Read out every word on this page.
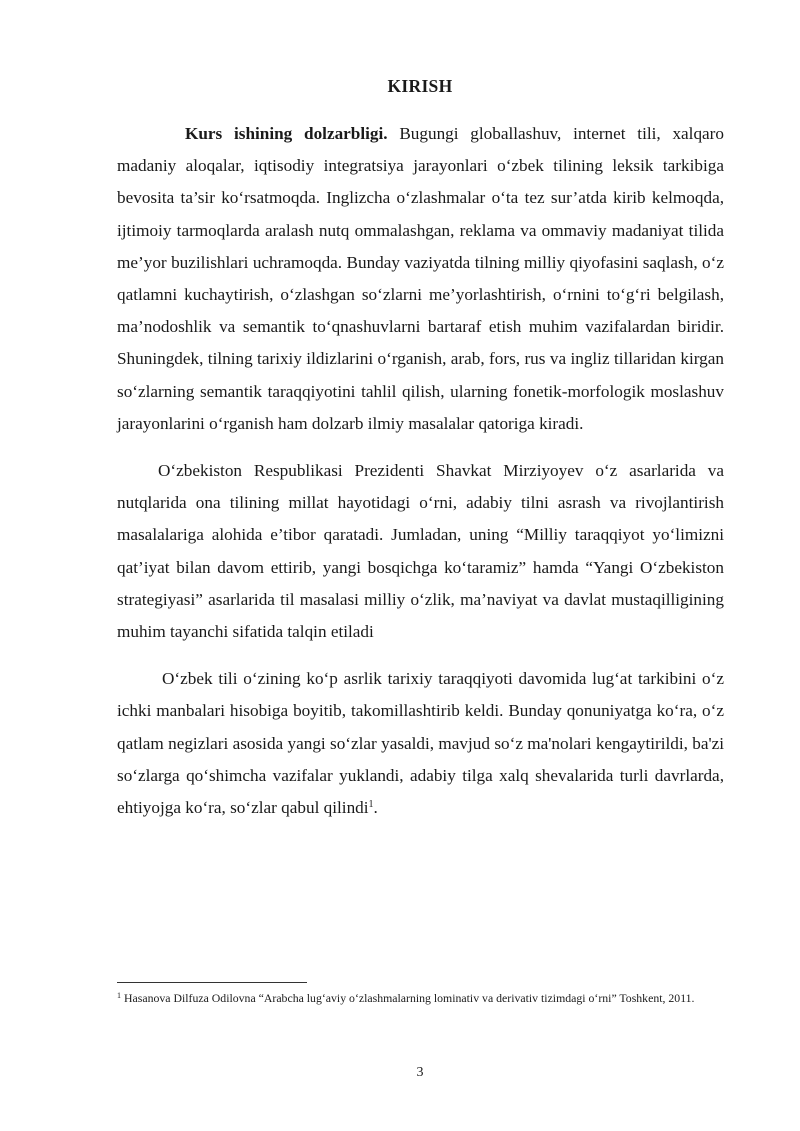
KIRISH

Kurs ishining dolzarbligi. Bugungi globallashuv, internet tili, xalqaro madaniy aloqalar, iqtisodiy integratsiya jarayonlari o‘zbek tilining leksik tarkibiga bevosita ta’sir ko‘rsatmoqda. Inglizcha o‘zlashmalar o‘ta tez sur’atda kirib kelmoqda, ijtimoiy tarmoqlarda aralash nutq ommalashgan, reklama va ommaviy madaniyat tilida me’yor buzilishlari uchramoqda. Bunday vaziyatda tilning milliy qiyofasini saqlash, o‘z qatlamni kuchaytirish, o‘zlashgan so‘zlarni me’yorlashtirish, o‘rnini to‘g‘ri belgilash, ma’nodoshlik va semantik to‘qnashuvlarni bartaraf etish muhim vazifalardan biridir. Shuningdek, tilning tarixiy ildizlarini o‘rganish, arab, fors, rus va ingliz tillaridan kirgan so‘zlarning semantik taraqqiyotini tahlil qilish, ularning fonetik-morfologik moslashuv jarayonlarini o‘rganish ham dolzarb ilmiy masalalar qatoriga kiradi.

O‘zbekiston Respublikasi Prezidenti Shavkat Mirziyoyev o‘z asarlarida va nutqlarida ona tilining millat hayotidagi o‘rni, adabiy tilni asrash va rivojlantirish masalalariga alohida e’tibor qaratadi. Jumladan, uning “Milliy taraqqiyot yo‘limizni qat’iyat bilan davom ettirib, yangi bosqichga ko‘taramiz” hamda “Yangi O‘zbekiston strategiyasi” asarlarida til masalasi milliy o‘zlik, ma’naviyat va davlat mustaqilligining muhim tayanchi sifatida talqin etiladi

O‘zbek tili o‘zining ko‘p asrlik tarixiy taraqqiyoti davomida lug‘at tarkibini o‘z ichki manbalari hisobiga boyitib, takomillashtirib keldi. Bunday qonuniyatga ko‘ra, o‘z qatlam negizlari asosida yangi so‘zlar yasaldi, mavjud so‘z ma'nolari kengaytirildi, ba'zi so‘zlarga qo‘shimcha vazifalar yuklandi, adabiy tilga xalq shevalarida turli davrlarda, ehtiyojga ko‘ra, so‘zlar qabul qilindi$^1$.

$^1$ Hasanova Dilfuza Odilovna “Arabcha lug‘aviy o‘zlashmalarning lominativ va derivativ tizimdagi o‘rni” Toshkent, 2011.
3
